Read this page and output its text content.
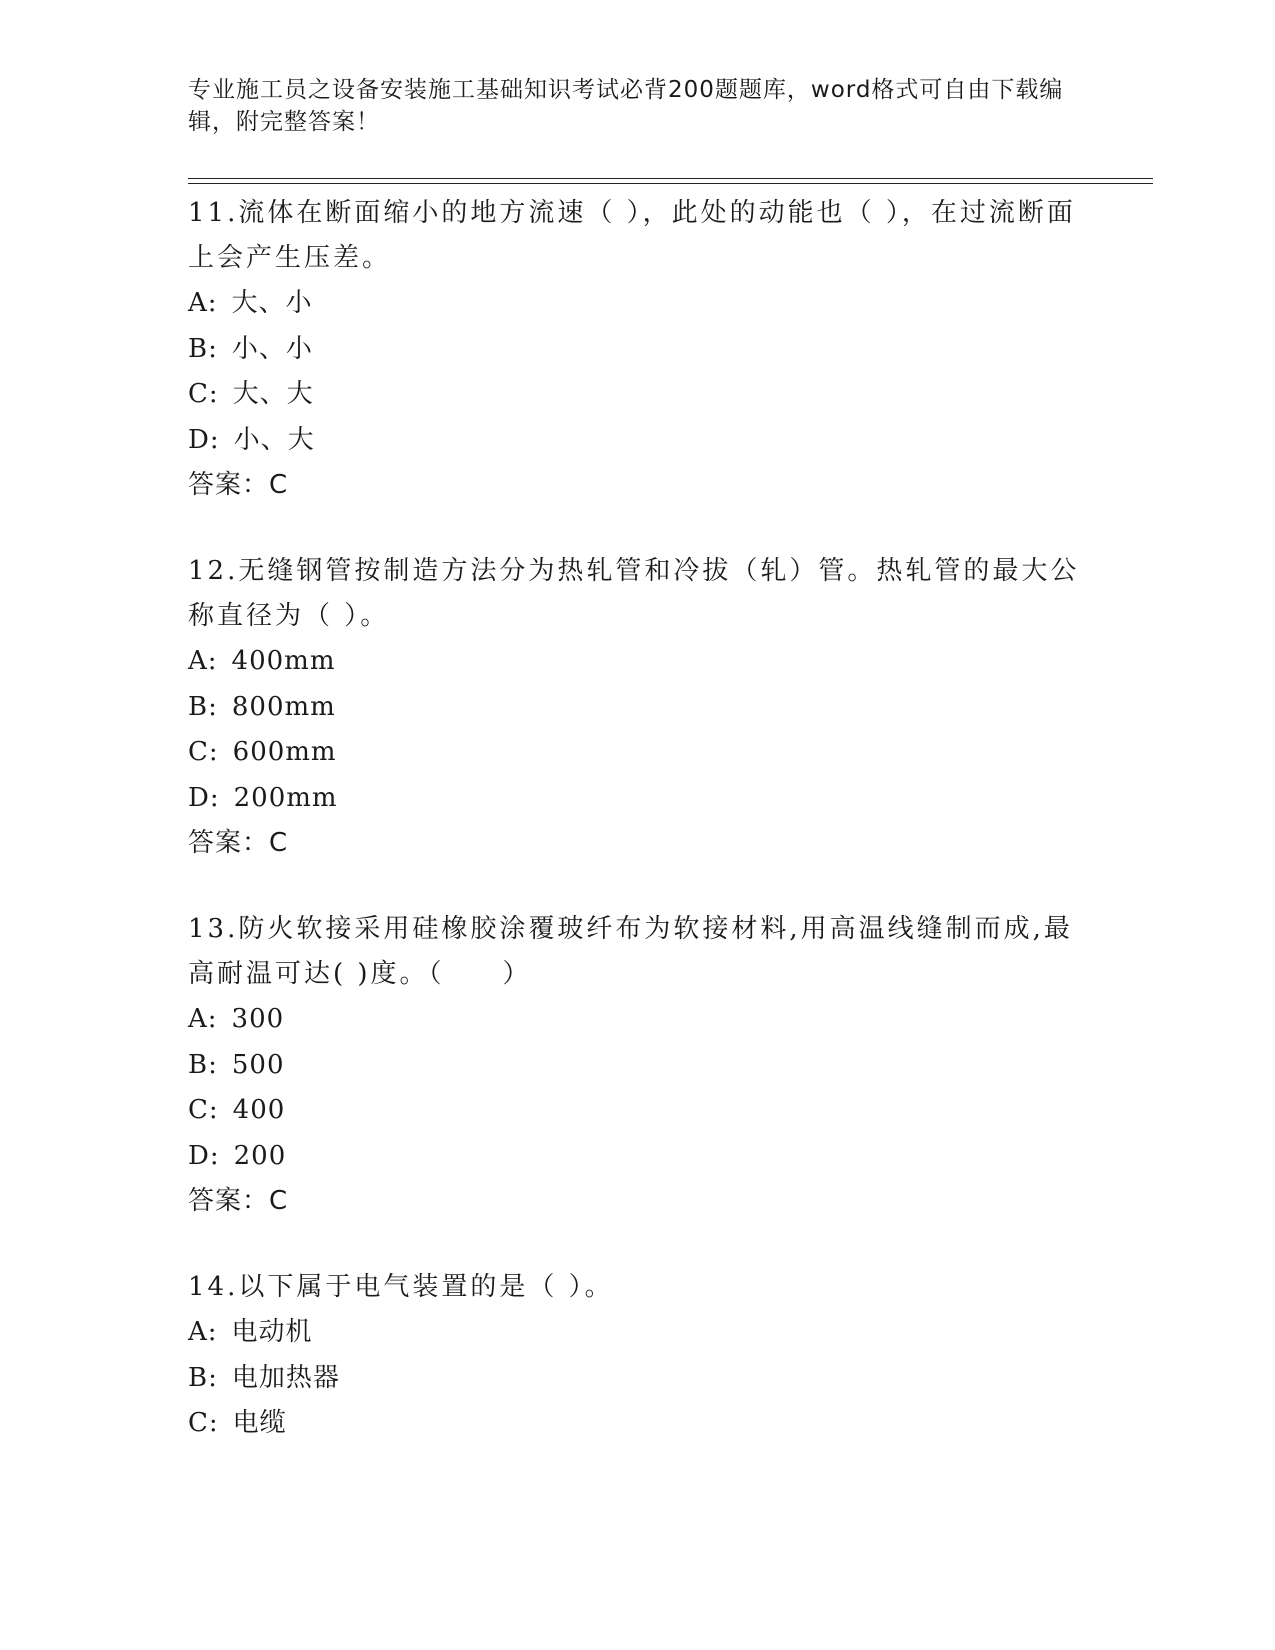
专业施工员之设备安装施工基础知识考试必背200题题库，word格式可自由下载编辑，附完整答案！
11.流体在断面缩小的地方流速（ ），此处的动能也（ ），在过流断面上会产生压差。
A: 大、小
B: 小、小
C: 大、大
D: 小、大
答案：C
12.无缝钢管按制造方法分为热轧管和冷拔（轧）管。热轧管的最大公称直径为（ ）。
A: 400mm
B: 800mm
C: 600mm
D: 200mm
答案：C
13.防火软接采用硅橡胶涂覆玻纤布为软接材料,用高温线缝制而成,最高耐温可达( )度。（　　）
A: 300
B: 500
C: 400
D: 200
答案：C
14.以下属于电气装置的是（ ）。
A: 电动机
B: 电加热器
C: 电缆
